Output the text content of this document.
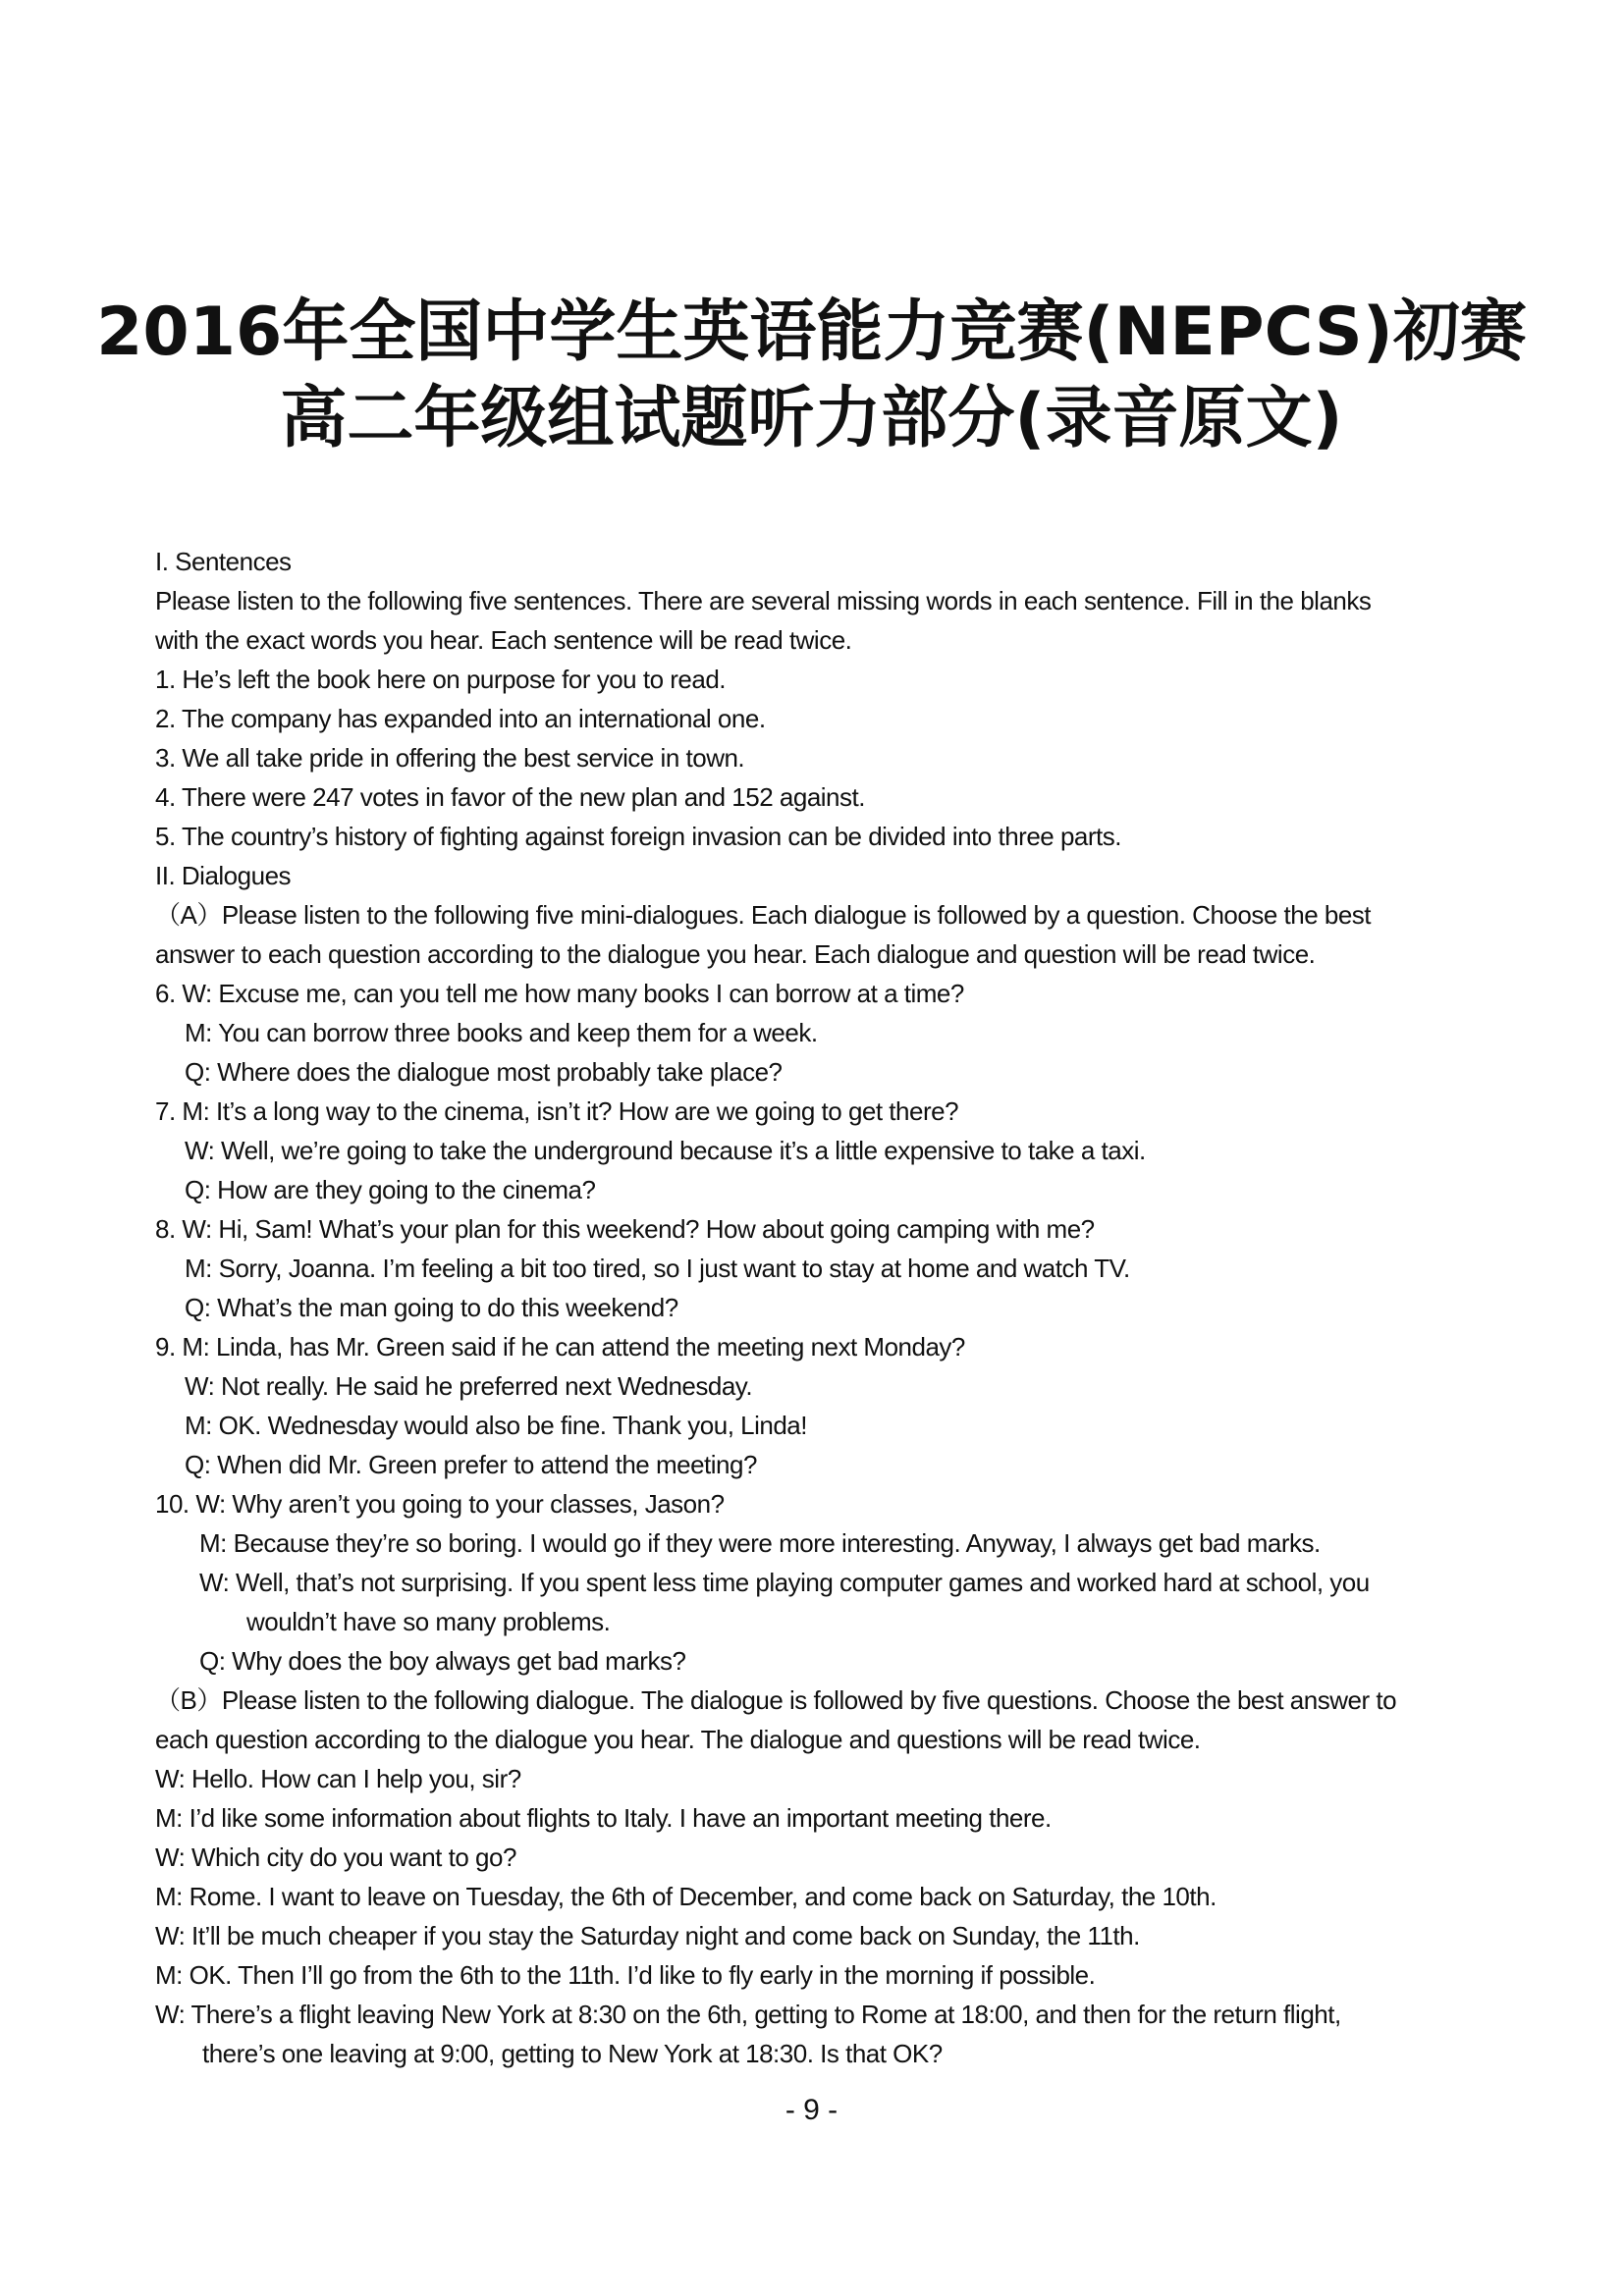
2016年全国中学生英语能力竞赛(NEPCS)初赛
高二年级组试题听力部分(录音原文)
I. Sentences
Please listen to the following five sentences. There are several missing words in each sentence. Fill in the blanks
with the exact words you hear. Each sentence will be read twice.
1. He’s left the book here on purpose for you to read.
2. The company has expanded into an international one.
3. We all take pride in offering the best service in town.
4. There were 247 votes in favor of the new plan and 152 against.
5. The country’s history of fighting against foreign invasion can be divided into three parts.
II. Dialogues
（A）Please listen to the following five mini-dialogues. Each dialogue is followed by a question. Choose the best
answer to each question according to the dialogue you hear. Each dialogue and question will be read twice.
6. W: Excuse me, can you tell me how many books I can borrow at a time?
M: You can borrow three books and keep them for a week.
Q: Where does the dialogue most probably take place?
7. M: It’s a long way to the cinema, isn’t it? How are we going to get there?
W: Well, we’re going to take the underground because it’s a little expensive to take a taxi.
Q: How are they going to the cinema?
8. W: Hi, Sam! What’s your plan for this weekend? How about going camping with me?
M: Sorry, Joanna. I’m feeling a bit too tired, so I just want to stay at home and watch TV.
Q: What’s the man going to do this weekend?
9. M: Linda, has Mr. Green said if he can attend the meeting next Monday?
W: Not really. He said he preferred next Wednesday.
M: OK. Wednesday would also be fine. Thank you, Linda!
Q: When did Mr. Green prefer to attend the meeting?
10. W: Why aren’t you going to your classes, Jason?
M: Because they’re so boring. I would go if they were more interesting. Anyway, I always get bad marks.
W: Well, that’s not surprising. If you spent less time playing computer games and worked hard at school, you
wouldn’t have so many problems.
Q: Why does the boy always get bad marks?
（B）Please listen to the following dialogue. The dialogue is followed by five questions. Choose the best answer to
each question according to the dialogue you hear. The dialogue and questions will be read twice.
W: Hello. How can I help you, sir?
M: I’d like some information about flights to Italy. I have an important meeting there.
W: Which city do you want to go?
M: Rome. I want to leave on Tuesday, the 6th of December, and come back on Saturday, the 10th.
W: It’ll be much cheaper if you stay the Saturday night and come back on Sunday, the 11th.
M: OK. Then I’ll go from the 6th to the 11th. I’d like to fly early in the morning if possible.
W: There’s a flight leaving New York at 8:30 on the 6th, getting to Rome at 18:00, and then for the return flight,
there’s one leaving at 9:00, getting to New York at 18:30. Is that OK?
- 9 -
